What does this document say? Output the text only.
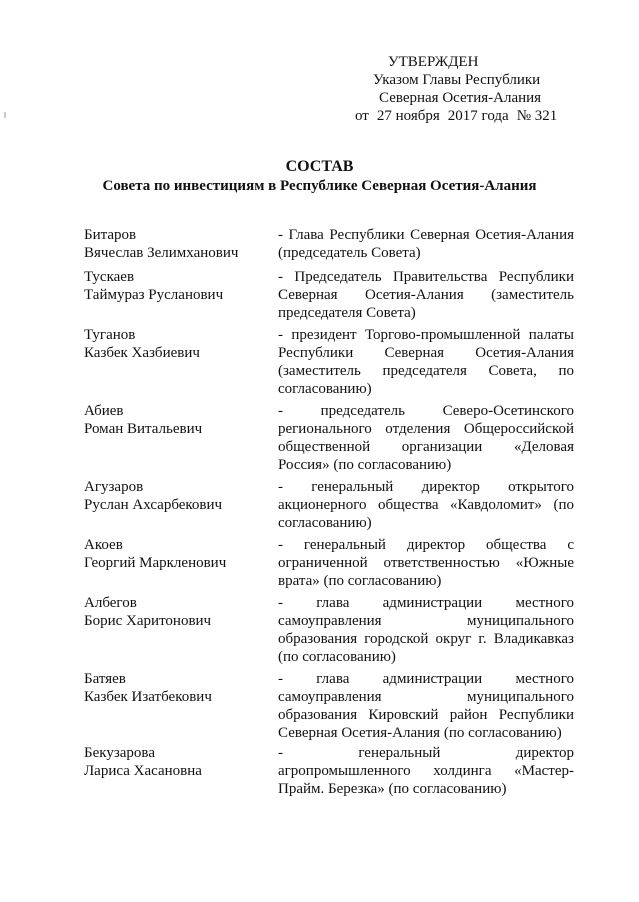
УТВЕРЖДЕН
Указом Главы Республики
Северная Осетия-Алания
от 27 ноября 2017 года № 321
СОСТАВ
Совета по инвестициям в Республике Северная Осетия-Алания
Битаров
Вячеслав Зелимханович
- Глава Республики Северная Осетия-Алания
(председатель Совета)
Тускаев
Таймураз Русланович
- Председатель Правительства Республики
Северная Осетия-Алания (заместитель
председателя Совета)
Туганов
Казбек Хазбиевич
- президент Торгово-промышленной палаты
Республики Северная Осетия-Алания
(заместитель председателя Совета, по
согласованию)
Абиев
Роман Витальевич
- председатель Северо-Осетинского
регионального отделения Общероссийской
общественной организации «Деловая
Россия» (по согласованию)
Агузаров
Руслан Ахсарбекович
- генеральный директор открытого
акционерного общества «Кавдоломит» (по
согласованию)
Акоев
Георгий Маркленович
- генеральный директор общества с
ограниченной ответственностью «Южные
врата» (по согласованию)
Албегов
Борис Харитонович
- глава администрации местного
самоуправления муниципального
образования городской округ г. Владикавказ
(по согласованию)
Батяев
Казбек Изатбекович
- глава администрации местного
самоуправления муниципального
образования Кировский район Республики
Северная Осетия-Алания (по согласованию)
Бекузарова
Лариса Хасановна
- генеральный директор
агропромышленного холдинга «Мастер-
Прайм. Березка» (по согласованию)
